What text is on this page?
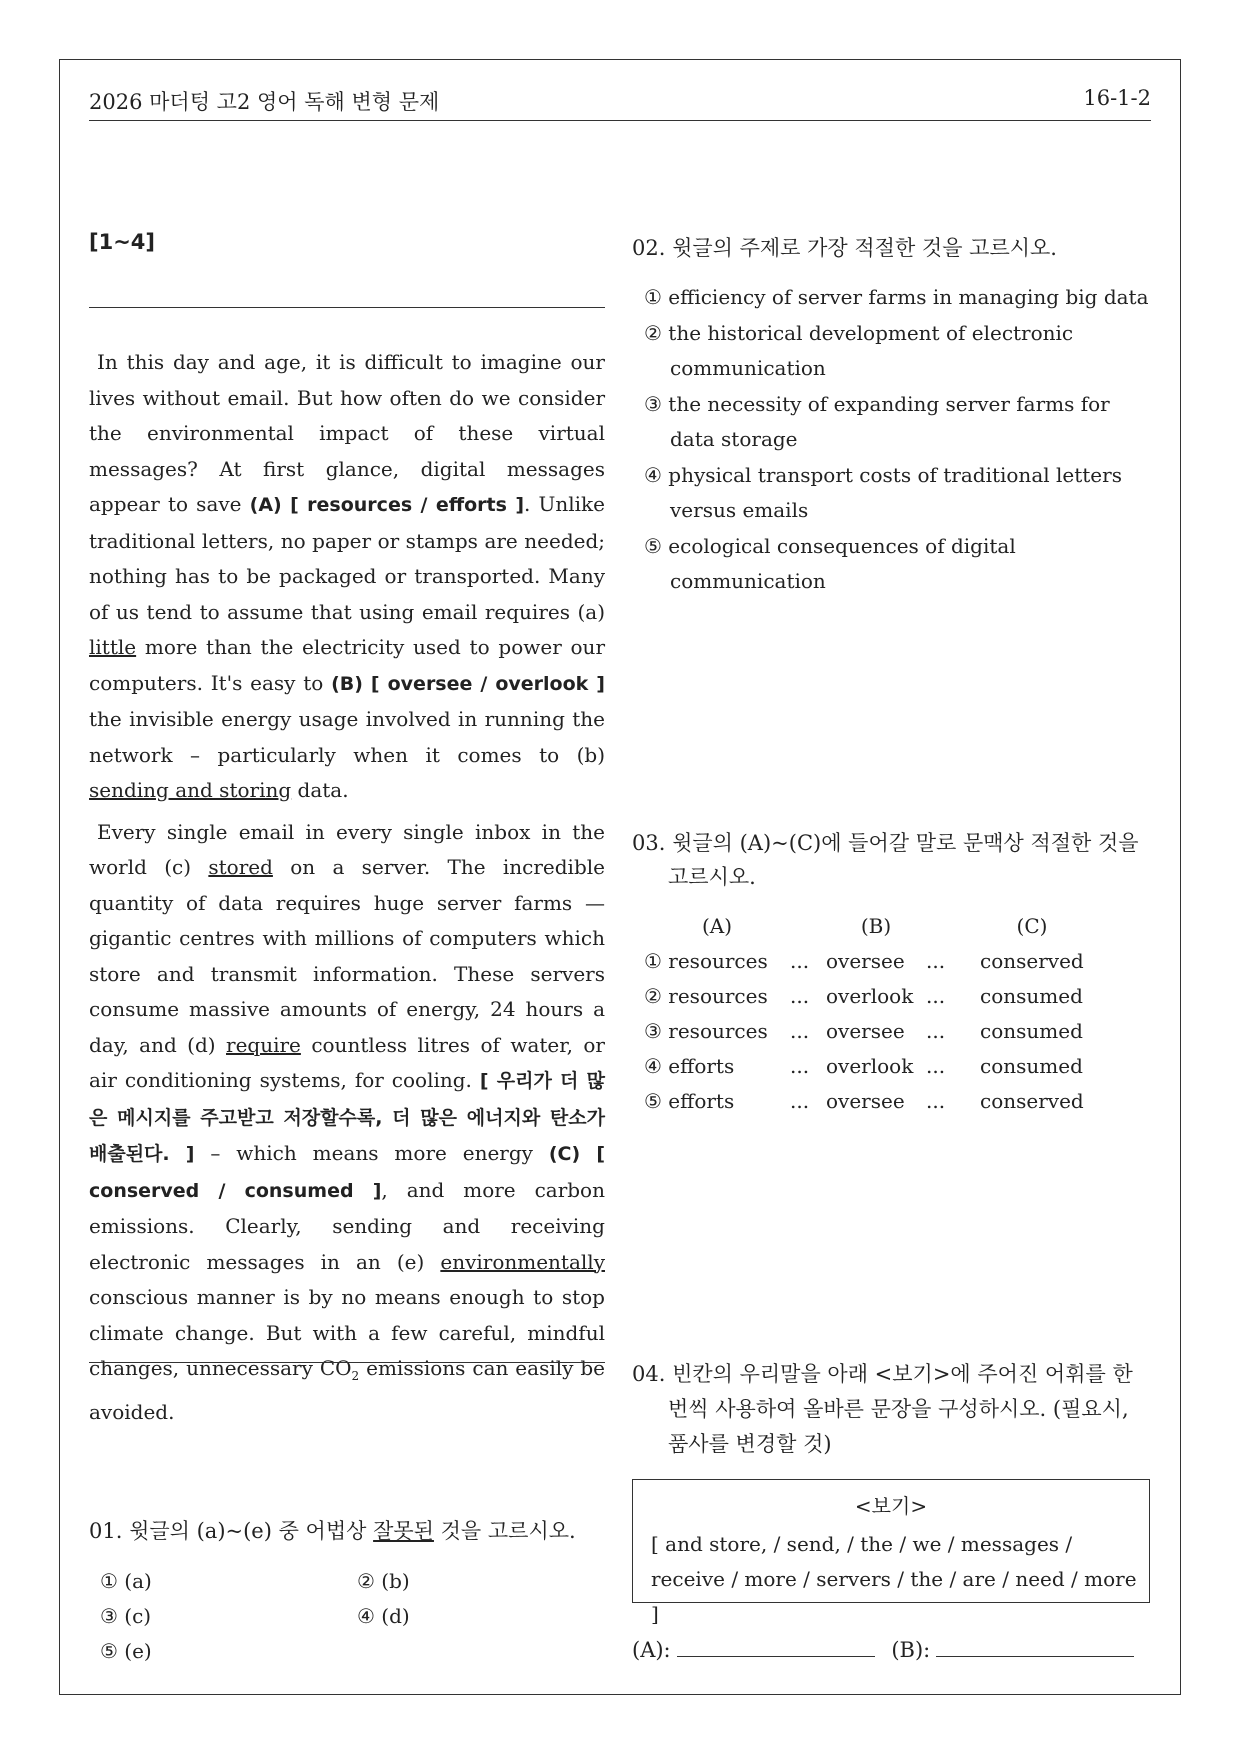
2026 마더텅 고2 영어 독해 변형 문제	16-1-2
[1~4]

In this day and age, it is difficult to imagine our lives without email. But how often do we consider the environmental impact of these virtual messages? At first glance, digital messages appear to save (A) [ resources / efforts ]. Unlike traditional letters, no paper or stamps are needed; nothing has to be packaged or transported. Many of us tend to assume that using email requires (a) little more than the electricity used to power our computers. It's easy to (B) [ oversee / overlook ] the invisible energy usage involved in running the network – particularly when it comes to (b) sending and storing data.

Every single email in every single inbox in the world (c) stored on a server. The incredible quantity of data requires huge server farms — gigantic centres with millions of computers which store and transmit information. These servers consume massive amounts of energy, 24 hours a day, and (d) require countless litres of water, or air conditioning systems, for cooling. [ 우리가 더 많은 메시지를 주고받고 저장할수록, 더 많은 에너지와 탄소가 배출된다. ] – which means more energy (C) [ conserved / consumed ], and more carbon emissions. Clearly, sending and receiving electronic messages in an (e) environmentally conscious manner is by no means enough to stop climate change. But with a few careful, mindful changes, unnecessary $CO_2$ emissions can easily be avoided.

01. 윗글의 (a)~(e) 중 어법상 잘못된 것을 고르시오.
① (a)	② (b)
③ (c)	④ (d)
⑤ (e)
02. 윗글의 주제로 가장 적절한 것을 고르시오.
① efficiency of server farms in managing big data
② the historical development of electronic communication
③ the necessity of expanding server farms for data storage
④ physical transport costs of traditional letters versus emails
⑤ ecological consequences of digital communication
03. 윗글의 (A)~(C)에 들어갈 말로 문맥상 적절한 것을 고르시오.
(A)		(B)		(C)
① resources	...	oversee	...	conserved
② resources	...	overlook	...	consumed
③ resources	...	oversee	...	consumed
④ efforts	...	overlook	...	consumed
⑤ efforts	...	oversee	...	conserved
04. 빈칸의 우리말을 아래 <보기>에 주어진 어휘를 한 번씩 사용하여 올바른 문장을 구성하시오. (필요시, 품사를 변경할 것)
<보기>
[ and store, / send, / the / we / messages / receive / more / servers / the / are / need / more ]
(A):	(B):
